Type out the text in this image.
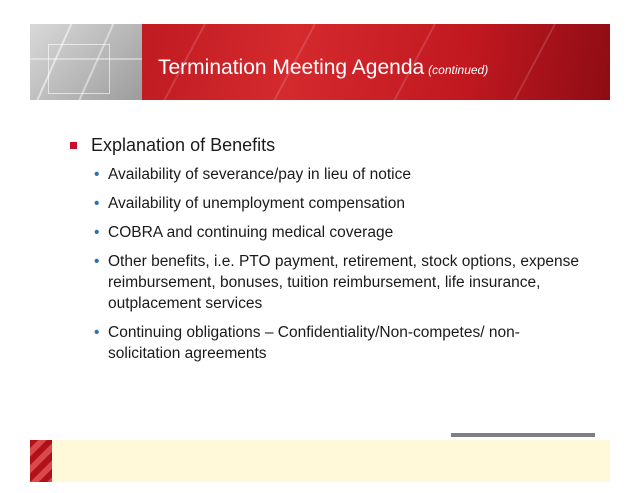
Termination Meeting Agenda (continued)
Explanation of Benefits
• Availability of severance/pay in lieu of notice
• Availability of unemployment compensation
• COBRA and continuing medical coverage
• Other benefits, i.e. PTO payment, retirement, stock options, expense reimbursement, bonuses, tuition reimbursement, life insurance, outplacement services
• Continuing obligations – Confidentiality/Non-competes/ non-solicitation agreements
